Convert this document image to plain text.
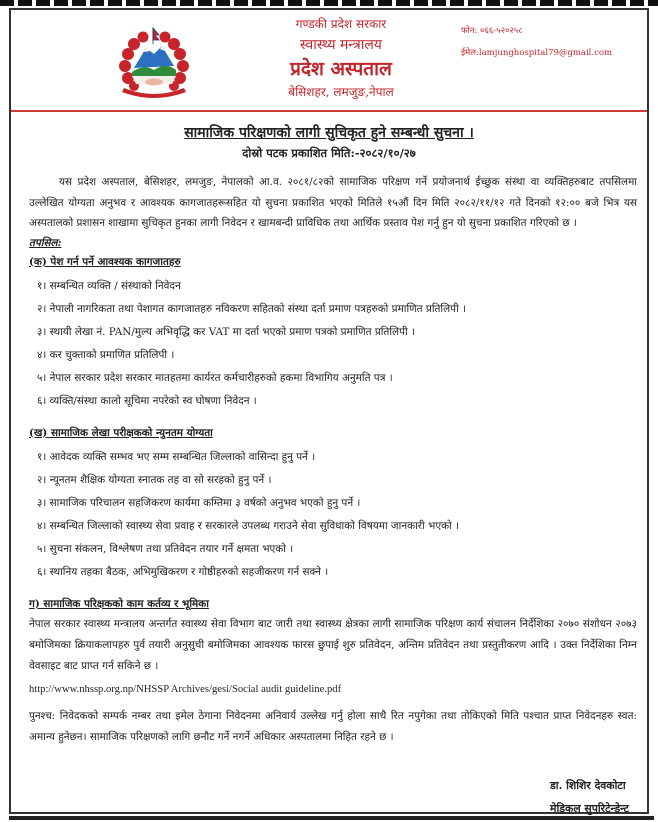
गण्डकी प्रदेश सरकार
स्वास्थ्य मन्त्रालय
प्रदेश अस्पताल
बेसिशहर, लमजुङ,नेपाल
फोन: ०६६-५२०२५८
ईमेल:lamjunghospital79@gmail.com
सामाजिक परिक्षणको लागी सुचिकृत हुने सम्बन्धी सुचना ।
दोस्रो पटक प्रकाशित मिति:-२०८२/१०/२७

यस प्रदेश अस्पताल, बेसिशहर, लमजुङ, नेपालको आ.व. २०८१/८२को सामाजिक परिक्षण गर्ने प्रयोजनार्थ ईच्छुक संस्था वा व्यक्तिहरुबाट तपसिलमा उल्लेखित योग्यता अनुभव र आवश्यक कागजातहरूसहित यो सुचना प्रकाशित भएको मितिले १५औं दिन मिति २०८२/११/१२ गते दिनको १२:०० बजे भित्र यस अस्पतालको प्रशासन शाखामा सुचिकृत हुनका लागी निवेदन र खामबन्दी प्राविधिक तथा आर्थिक प्रस्ताव पेश गर्नु हुन यो सुचना प्रकाशित गरिएको छ ।

तपसिल:

(क) पेश गर्न पर्ने आवश्यक कागजातहरु

१। सम्बन्धित व्यक्ति / संस्थाको निवेदन
२। नेपाली नागरिकता तथा पेशागत कागजातहरु नविकरण सहितको संस्था दर्ता प्रमाण पत्रहरुको प्रमाणित प्रतिलिपी ।
३। स्थायी लेखा नं. PAN/मुल्य अभिवृद्धि कर VAT मा दर्ता भएको प्रमाण पत्रको प्रमाणित प्रतिलिपी ।
४। कर चुक्ताको प्रमाणित प्रतिलिपी ।
५। नेपाल सरकार प्रदेश सरकार मातहतमा कार्यरत कर्मचारीहरुको हकमा विभागिय अनुमति पत्र ।
६। व्यक्ति/संस्था कालो सूचिमा नपरेको स्व घोषणा निवेदन ।

(ख) सामाजिक लेखा परीक्षकको न्युनतम योग्यता

१। आवेदक व्यक्ति सम्भव भए सम्म सम्बन्धित जिल्लाको वासिन्दा हुनु पर्ने ।
२। न्यूनतम शैक्षिक योग्यता स्नातक तह वा सो सरहको हुनु पर्ने ।
३। सामाजिक परिचालन सहजिकरण कार्यमा कम्तिमा ३ वर्षको अनुभव भएको हुनु पर्ने ।
४। सम्बन्धित जिल्लाको स्वास्थ्य सेवा प्रवाह र सरकारले उपलब्ध गराउने सेवा सुविधाको विषयमा जानकारी भएको ।
५। सुचना संकलन, विश्लेषण तथा प्रतिवेदन तयार गर्ने क्षमता भएको ।
६। स्थानिय तहका बैठक, अभिमुखिकरण र गोष्ठीहरुको सहजीकरण गर्न सक्ने ।

ग) सामाजिक परिक्षकको काम कर्तव्य र भूमिका

नेपाल सरकार स्वास्थ्य मन्त्रालय अन्तर्गत स्वास्थ्य सेवा विभाग बाट जारी तथा स्वास्थ्य क्षेत्रका लागी सामाजिक परिक्षण कार्य संचालन निर्देशिका २०७० संशोधन २०७३ बमोजिमका क्रियाकलापहरु पुर्व तयारी अनुसुची बमोजिमका आवश्यक फारस छुपाई शुरु प्रतिवेदन, अन्तिम प्रतिवेदन तथा प्रस्तुतीकरण आदि । उक्त निर्देशिका निम्न वेवसाइट बाट प्राप्त गर्न सकिने छ ।

http://www.nhssp.org.np/NHSSP Archives/gesi/Social audit guideline.pdf

पुनश्च: निवेदकको सम्पर्क नम्बर तथा इमेल ठेगाना निवेदनमा अनिवार्य उल्लेख गर्नु होला साथै रित नपुगेका तथा तोकिएको मिति पश्चात प्राप्त निवेदनहरु स्वत: अमान्य हुनेछन। सामाजिक परिक्षणको लागि छनौट गर्ने नगर्ने अधिकार अस्पतालमा निहित रहने छ ।

डा. शिशिर देवकोटा
मेडिकल सुपरिटेन्डेन्ट
